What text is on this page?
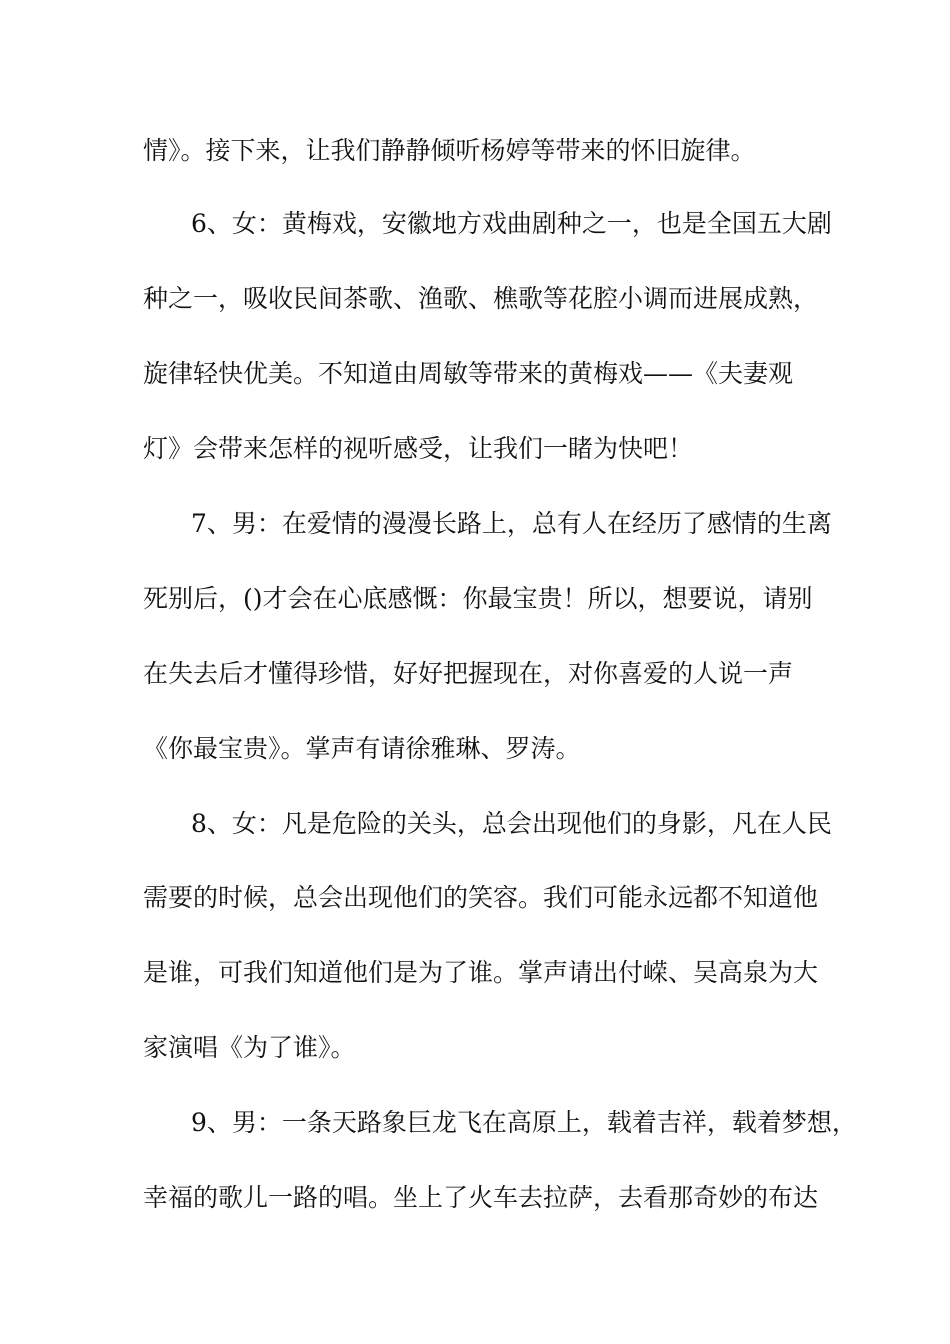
情》。接下来，让我们静静倾听杨婷等带来的怀旧旋律。
6、女：黄梅戏，安徽地方戏曲剧种之一，也是全国五大剧
种之一，吸收民间茶歌、渔歌、樵歌等花腔小调而进展成熟，
旋律轻快优美。不知道由周敏等带来的黄梅戏——《夫妻观
灯》会带来怎样的视听感受，让我们一睹为快吧！
7、男：在爱情的漫漫长路上，总有人在经历了感情的生离
死别后，()才会在心底感慨：你最宝贵！所以，想要说，请别
在失去后才懂得珍惜，好好把握现在，对你喜爱的人说一声
《你最宝贵》。掌声有请徐雅琳、罗涛。
8、女：凡是危险的关头，总会出现他们的身影，凡在人民
需要的时候，总会出现他们的笑容。我们可能永远都不知道他
是谁，可我们知道他们是为了谁。掌声请出付嵘、吴高泉为大
家演唱《为了谁》。
9、男：一条天路象巨龙飞在高原上，载着吉祥，载着梦想，
幸福的歌儿一路的唱。坐上了火车去拉萨，去看那奇妙的布达
